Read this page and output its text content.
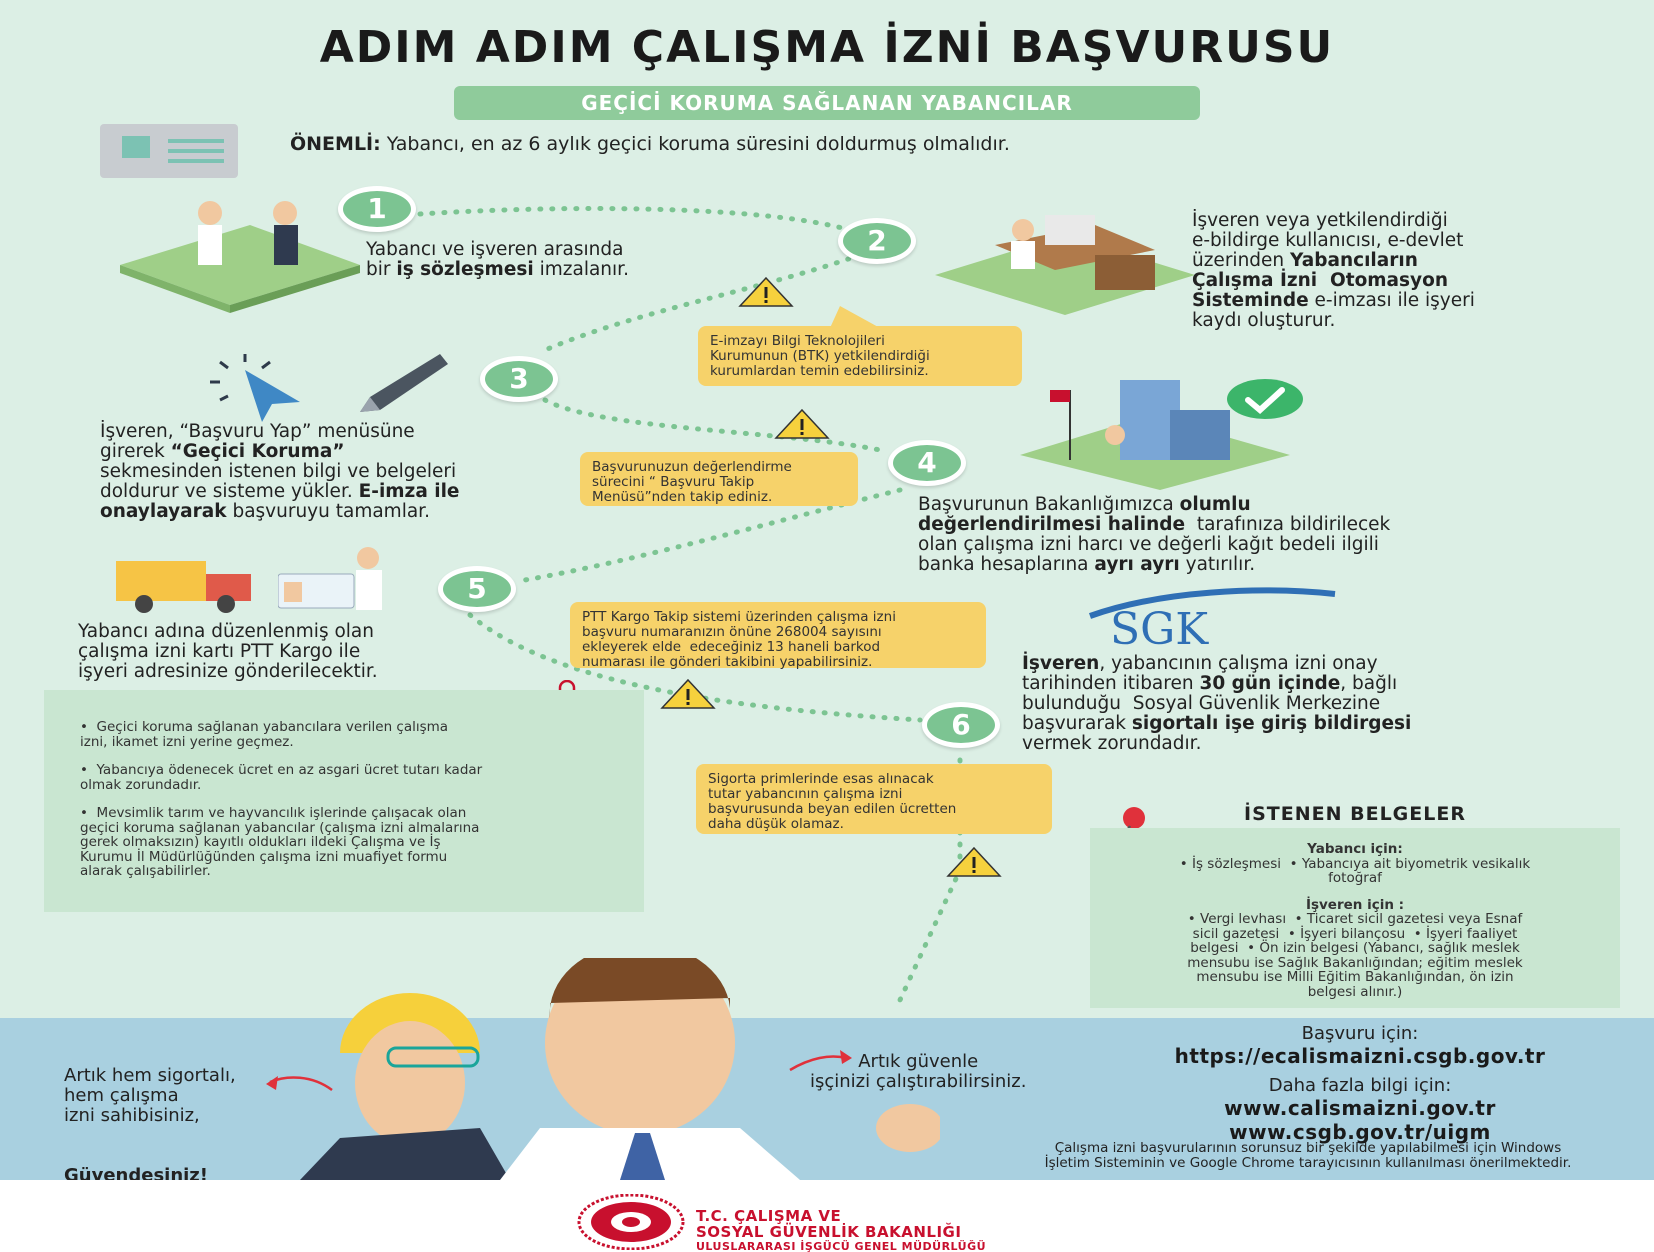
ADIM ADIM ÇALIŞMA İZNİ BAŞVURUSU
GEÇİCİ KORUMA SAĞLANAN YABANCILAR
ÖNEMLİ: Yabancı, en az 6 aylık geçici koruma süresini doldurmuş olmalıdır.
1
Yabancı ve işveren arasında
bir iş sözleşmesi imzalanır.
2
İşveren veya yetkilendirdiği
e-bildirge kullanıcısı, e-devlet
üzerinden Yabancıların
Çalışma İzni  Otomasyon
Sisteminde e-imzası ile işyeri
kaydı oluşturur.
E-imzayı Bilgi Teknolojileri
Kurumunun (BTK) yetkilendirdiği
kurumlardan temin edebilirsiniz.
3
İşveren, “Başvuru Yap” menüsüne
girerek “Geçici Koruma”
sekmesinden istenen bilgi ve belgeleri
doldurur ve sisteme yükler. E-imza ile
onaylayarak başvuruyu tamamlar.
Başvurunuzun değerlendirme
sürecini “ Başvuru Takip
Menüsü”nden takip ediniz.
4
Başvurunun Bakanlığımızca olumlu
değerlendirilmesi halinde  tarafınıza bildirilecek
olan çalışma izni harcı ve değerli kağıt bedeli ilgili
banka hesaplarına ayrı ayrı yatırılır.
5
Yabancı adına düzenlenmiş olan
çalışma izni kartı PTT Kargo ile
işyeri adresinize gönderilecektir.
PTT Kargo Takip sistemi üzerinden çalışma izni
başvuru numaranızın önüne 268004 sayısını
ekleyerek elde  edeceğiniz 13 haneli barkod
numarası ile gönderi takibini yapabilirsiniz.
SGK
6
İşveren, yabancının çalışma izni onay
tarihinden itibaren 30 gün içinde, bağlı
bulunduğu  Sosyal Güvenlik Merkezine
başvurarak sigortalı işe giriş bildirgesi
vermek zorundadır.
Sigorta primlerinde esas alınacak
tutar yabancının çalışma izni
başvurusunda beyan edilen ücretten
daha düşük olamaz.
•  Geçici koruma sağlanan yabancılara verilen çalışma
izni, ikamet izni yerine geçmez.
•  Yabancıya ödenecek ücret en az asgari ücret tutarı kadar
olmak zorundadır.
•  Mevsimlik tarım ve hayvancılık işlerinde çalışacak olan
geçici koruma sağlanan yabancılar (çalışma izni almalarına
gerek olmaksızın) kayıtlı oldukları ildeki Çalışma ve İş
Kurumu İl Müdürlüğünden çalışma izni muafiyet formu
alarak çalışabilirler.
İSTENEN BELGELER
Yabancı için:
• İş sözleşmesi  • Yabancıya ait biyometrik vesikalık
fotoğraf
İşveren için :
• Vergi levhası  • Ticaret sicil gazetesi veya Esnaf
sicil gazetesi  • İşyeri bilançosu  • İşyeri faaliyet
belgesi  • Ön izin belgesi (Yabancı, sağlık meslek
mensubu ise Sağlık Bakanlığından; eğitim meslek
mensubu ise Milli Eğitim Bakanlığından, ön izin
belgesi alınır.)

Artık hem sigortalı,
hem çalışma
izni sahibisiniz,

Güvendesiniz!

Artık güvenle
işçinizi çalıştırabilirsiniz.
Başvuru için:
https://ecalismaizni.csgb.gov.tr
Daha fazla bilgi için:
www.calismaizni.gov.tr
www.csgb.gov.tr/uigm
Çalışma izni başvurularının sorunsuz bir şekilde yapılabilmesi için Windows
İşletim Sisteminin ve Google Chrome tarayıcısının kullanılması önerilmektedir.
T.C. ÇALIŞMA VE
SOSYAL GÜVENLİK BAKANLIĞI
ULUSLARARASI İŞGÜCÜ GENEL MÜDÜRLÜĞÜ
